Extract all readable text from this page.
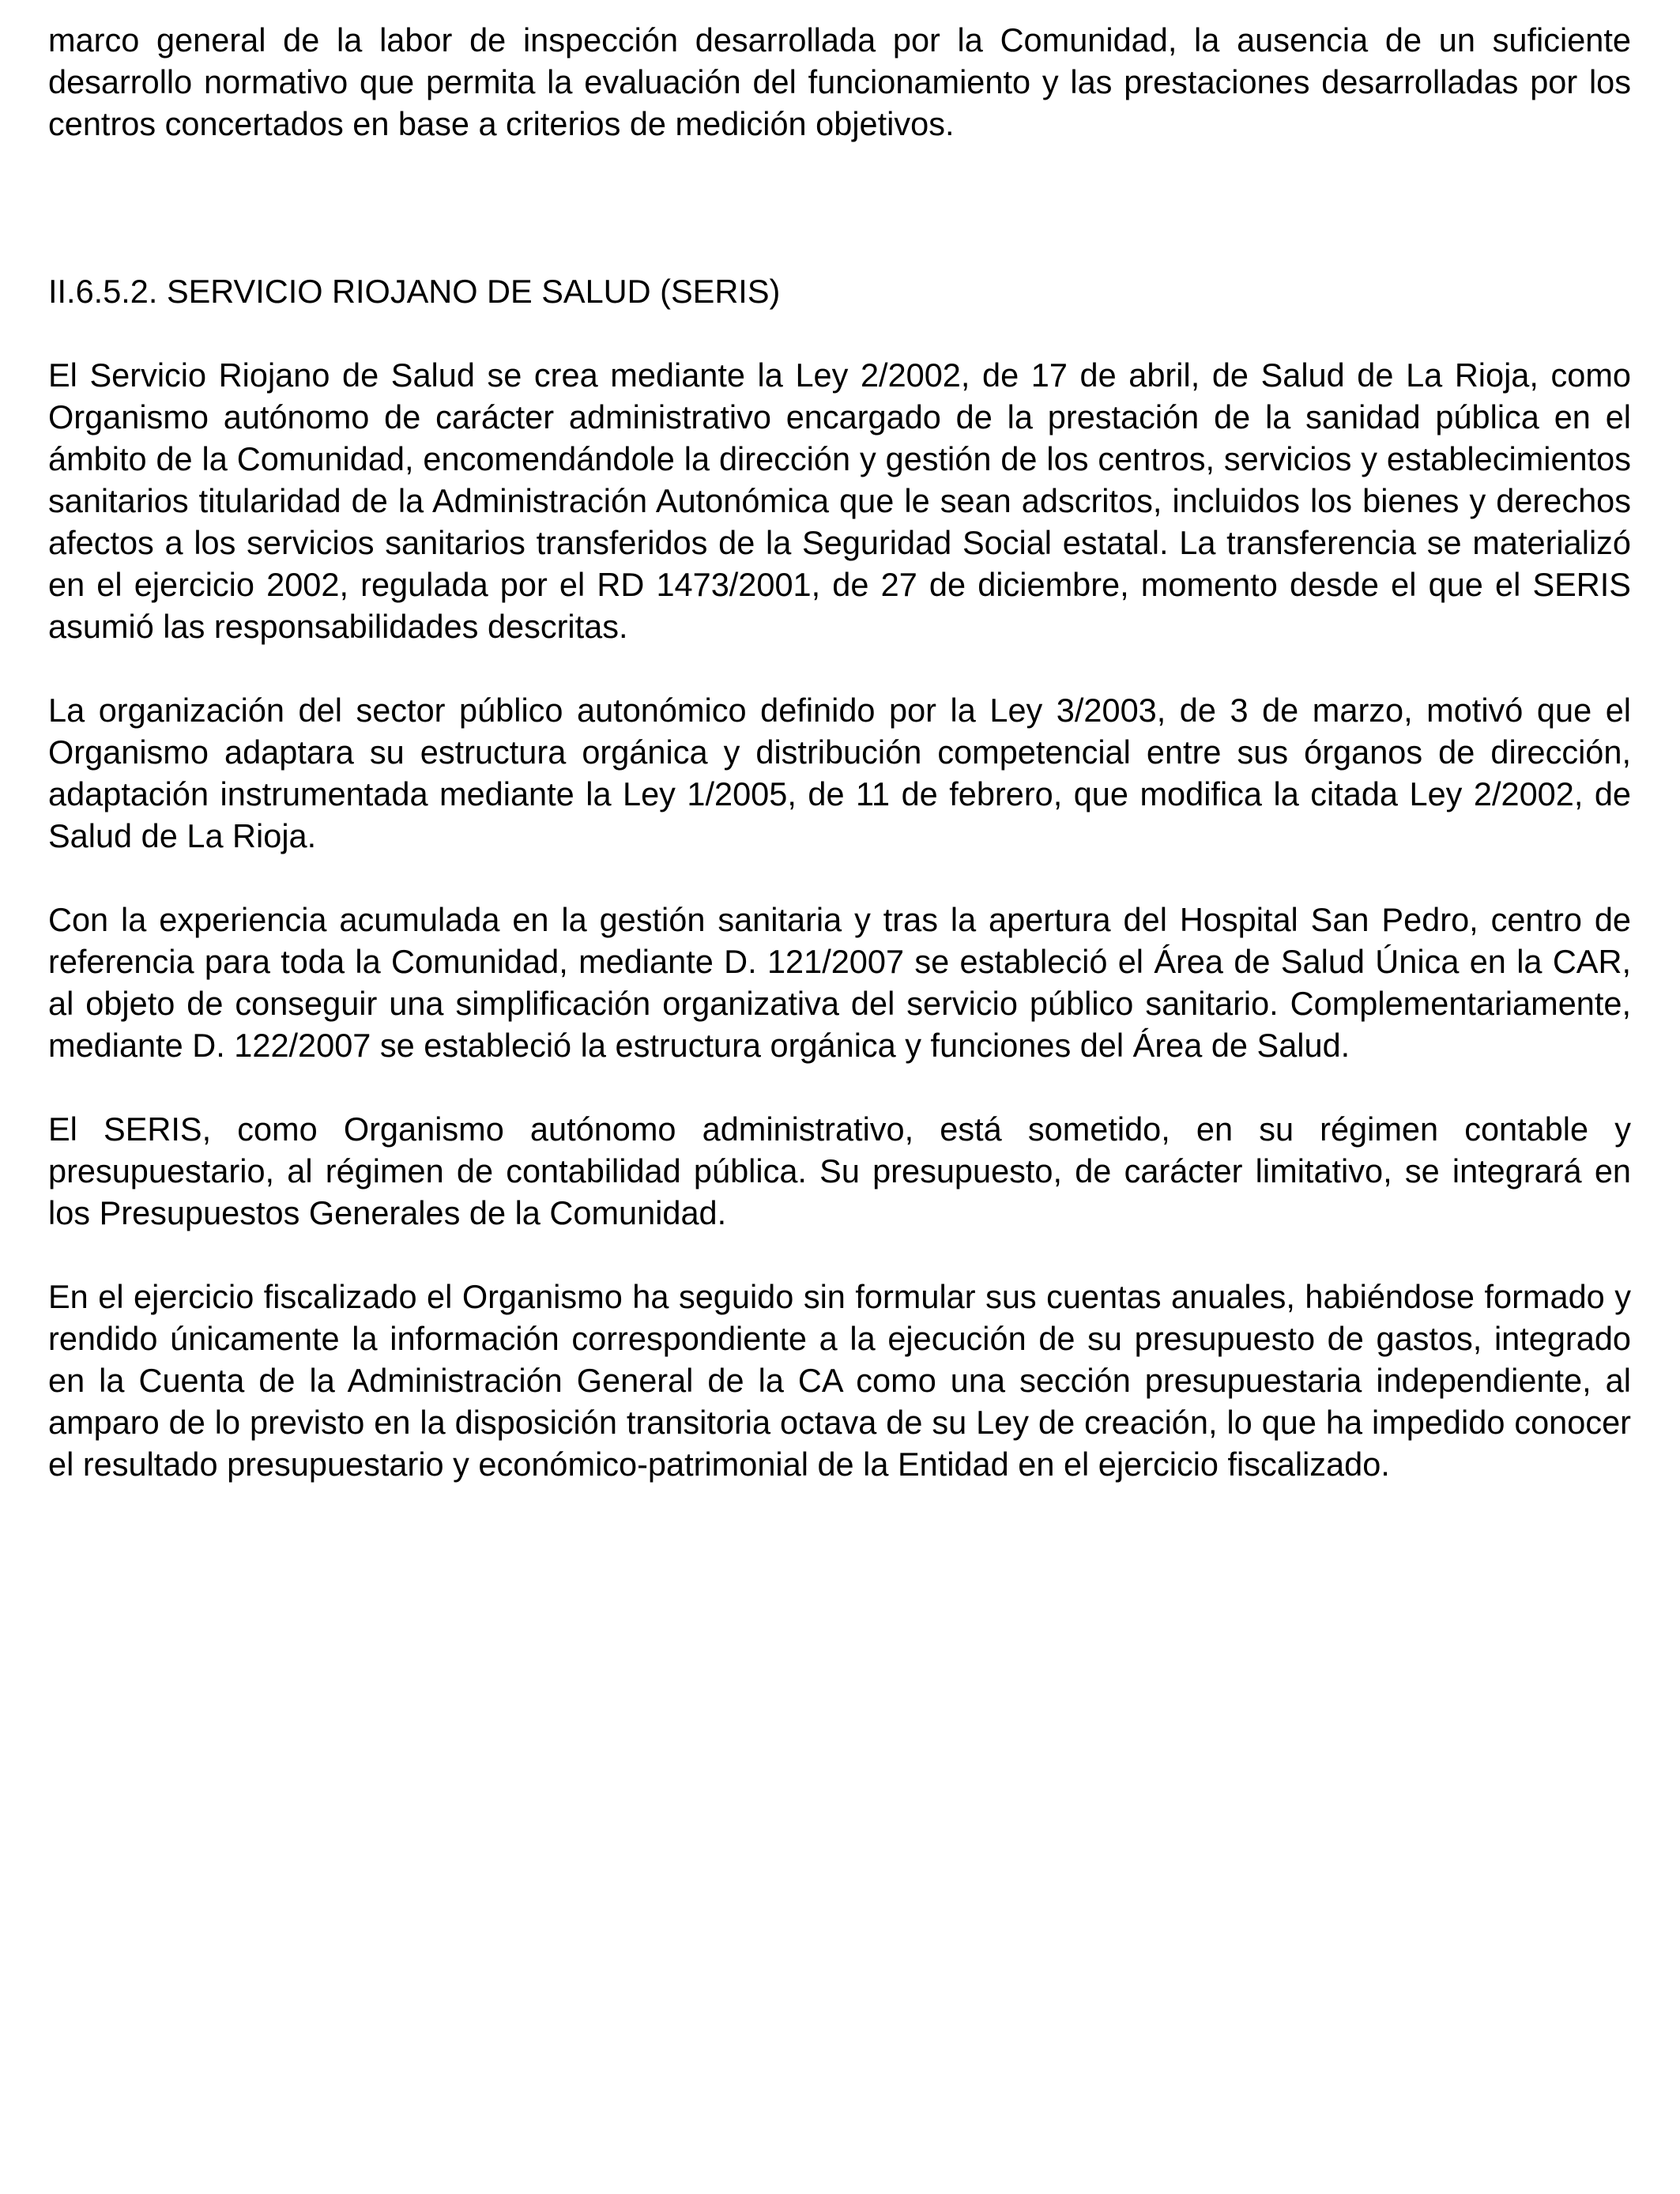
marco general de la labor de inspección desarrollada por la Comunidad, la ausencia de un suficiente desarrollo normativo que permita la evaluación del funcionamiento y las prestaciones desarrolladas por los centros concertados en base a criterios de medición objetivos.

II.6.5.2. SERVICIO RIOJANO DE SALUD (SERIS)

El Servicio Riojano de Salud se crea mediante la Ley 2/2002, de 17 de abril, de Salud de La Rioja, como Organismo autónomo de carácter administrativo encargado de la prestación de la sanidad pública en el ámbito de la Comunidad, encomendándole la dirección y gestión de los centros, servicios y establecimientos sanitarios titularidad de la Administración Autonómica que le sean adscritos, incluidos los bienes y derechos afectos a los servicios sanitarios transferidos de la Seguridad Social estatal. La transferencia se materializó en el ejercicio 2002, regulada por el RD 1473/2001, de 27 de diciembre, momento desde el que el SERIS asumió las responsabilidades descritas.

La organización del sector público autonómico definido por la Ley 3/2003, de 3 de marzo, motivó que el Organismo adaptara su estructura orgánica y distribución competencial entre sus órganos de dirección, adaptación instrumentada mediante la Ley 1/2005, de 11 de febrero, que modifica la citada Ley 2/2002, de Salud de La Rioja.

Con la experiencia acumulada en la gestión sanitaria y tras la apertura del Hospital San Pedro, centro de referencia para toda la Comunidad, mediante D. 121/2007 se estableció el Área de Salud Única en la CAR, al objeto de conseguir una simplificación organizativa del servicio público sanitario. Complementariamente, mediante D. 122/2007 se estableció la estructura orgánica y funciones del Área de Salud.

El SERIS, como Organismo autónomo administrativo, está sometido, en su régimen contable y presupuestario, al régimen de contabilidad pública. Su presupuesto, de carácter limitativo, se integrará en los Presupuestos Generales de la Comunidad.

En el ejercicio fiscalizado el Organismo ha seguido sin formular sus cuentas anuales, habiéndose formado y rendido únicamente la información correspondiente a la ejecución de su presupuesto de gastos, integrado en la Cuenta de la Administración General de la CA como una sección presupuestaria independiente, al amparo de lo previsto en la disposición transitoria octava de su Ley de creación, lo que ha impedido conocer el resultado presupuestario y económico-patrimonial de la Entidad en el ejercicio fiscalizado.
